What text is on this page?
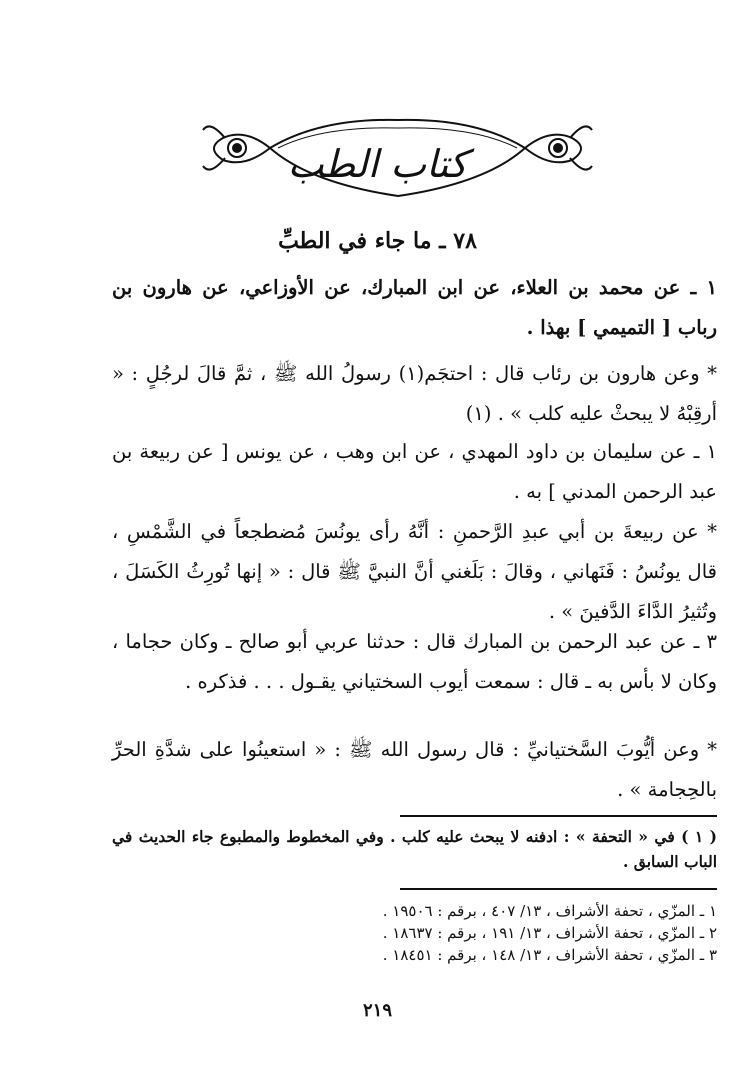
كتاب الطب
٧٨ ـ ما جاء في الطبِّ
١ ـ عن محمد بن العلاء، عن ابن المبارك، عن الأوزاعي، عن هارون بن رباب [ التميمي ] بهذا .
* وعن هارون بن رئاب قال : احتجَم(١) رسولُ الله ﷺ ، ثمَّ قالَ لرجُلٍ : « أرقِبْهُ لا يبحثْ عليه كلب » . (١)
١ ـ عن سليمان بن داود المهدي ، عن ابن وهب ، عن يونس [ عن ربيعة بن عبد الرحمن المدني ] به .
* عن ربيعةَ بن أبي عبدِ الرَّحمنِ : أنَّهُ رأى يونُسَ مُضطجعاً في الشَّمْسِ ، قال يونُسُ : فَنَهاني ، وقالَ : بَلَغني أنَّ النبيَّ ﷺ قال : « إنها تُورِثُ الكَسَلَ ، وتُثيرُ الدَّاءَ الدَّفينَ » .
٣ ـ عن عبد الرحمن بن المبارك قال : حدثنا عربي أبو صالح ـ وكان حجاما ، وكان لا بأس به ـ قال : سمعت أيوب السختياني يقـول . . . فذكره .
* وعن أيُّوبَ السَّختيانيِّ : قال رسول الله ﷺ : « استعينُوا على شدَّةِ الحرِّ بالحِجامة » .
( ١ ) في « التحفة » : ادفنه لا يبحث عليه كلب . وفي المخطوط والمطبوع جاء الحديث في الباب السابق .
١ ـ المزّي ، تحفة الأشراف ، ١٣/ ٤٠٧ ، برقم : ١٩٥٠٦ .
٢ ـ المزّي ، تحفة الأشراف ، ١٣/ ١٩١ ، برقم : ١٨٦٣٧ .
٣ ـ المزّي ، تحفة الأشراف ، ١٣/ ١٤٨ ، برقم : ١٨٤٥١ .
٢١٩
